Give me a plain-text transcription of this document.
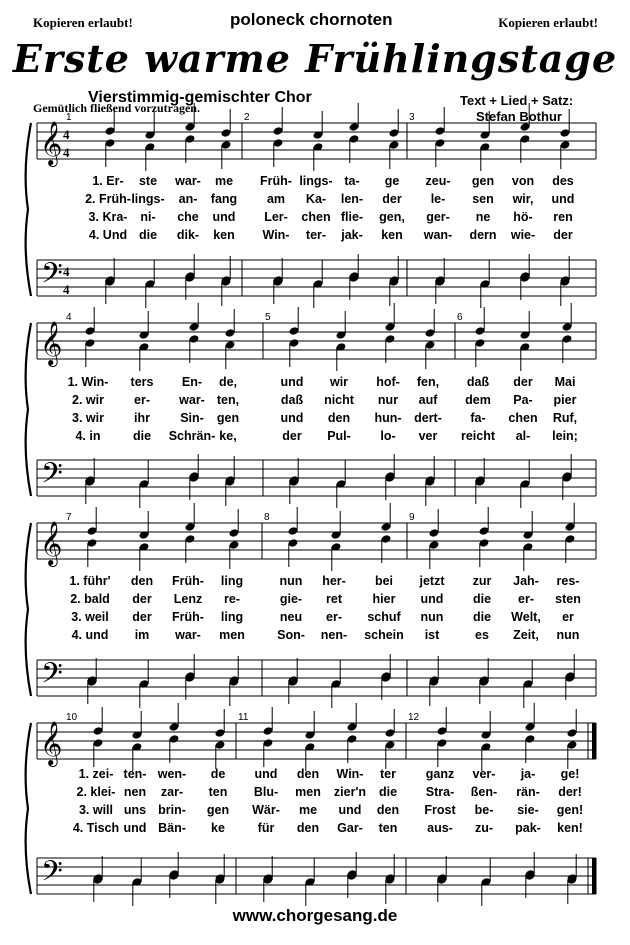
Kopieren erlaubt!	Kopieren erlaubt!
poloneck chornoten
Erste warme Frühlingstage
Vierstimmig-gemischter Chor
Gemütlich fließend vorzutragen.	Text + Lied + Satz:
Stefan Bothur
𝄞
𝄢
4
4
4
4
1	2	3
1. Er- ste war- me Früh- lings- ta- ge zeu- gen von des
2. Früh- lings- an- fang am Ka- len- der le- sen wir, und
3. Kra- ni- che und Ler- chen flie- gen, ger- ne hö- ren
4. Und die dik- ken Win- ter- jak- ken wan- dern wie- der
𝄞
𝄢
4	5	6
1. Win- ters En- de,	und wir hof- fen, daß der Mai
2. wir er- war- ten,	daß nicht nur auf dem Pa- pier
3. wir ihr Sin- gen	und den hun- dert- fa- chen Ruf,
4. in	die Schrän- ke,	der Pul- lo- ver reicht al- lein;
𝄞
𝄢
7	8	9
1. führ' den Früh- ling	nun her- bei jetzt zur Jah- res-
2. bald der Lenz re-	gie- ret hier und die er- sten
3. weil der Früh- ling	neu er- schuf nun die Welt, er
4. und im war- men	Son- nen- schein ist	es Zeit, nun
𝄞
𝄢
10	11	12
1. zei- ten- wen- de und den Win- ter ganz ver- ja- ge!
2. klei- nen zar- ten Blu- men zier'n die Stra- ßen- rän- der!
3. will uns brin- gen Wär- me und den Frost be- sie- gen!
4. Tisch und Bän- ke	für den Gar- ten aus- zu- pak- ken!
www.chorgesang.de
